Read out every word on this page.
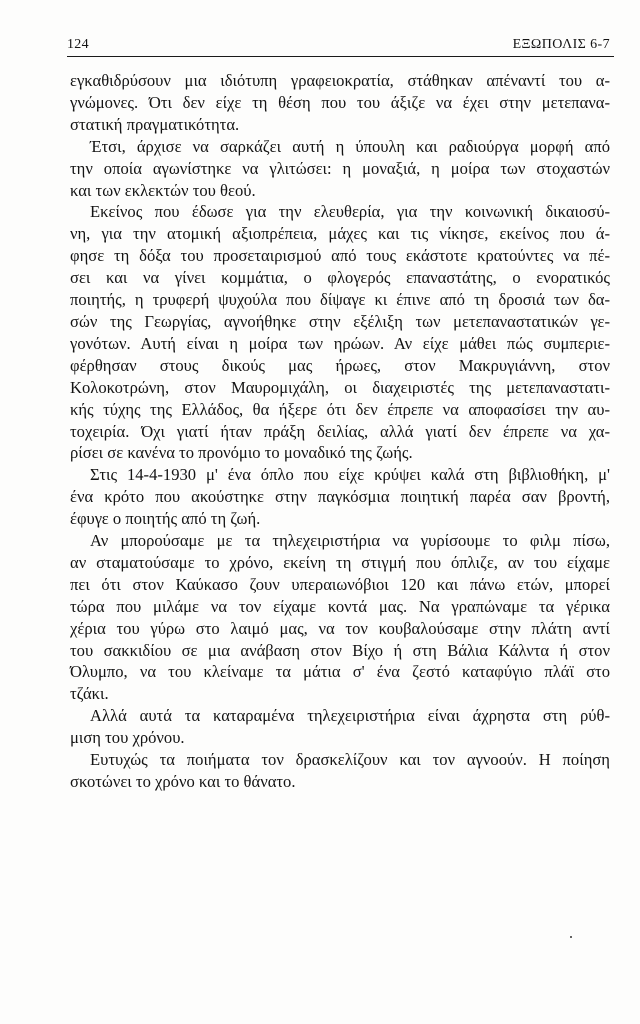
124	ΕΞΩΠΟΛΙΣ 6-7

εγκαθιδρύσουν μια ιδιότυπη γραφειοκρατία, στάθηκαν απέναντί του α-
γνώμονες. Ότι δεν είχε τη θέση που του άξιζε να έχει στην μετεπανα-
στατική πραγματικότητα.

Έτσι, άρχισε να σαρκάζει αυτή η ύπουλη και ραδιούργα μορφή από
την οποία αγωνίστηκε να γλιτώσει: η μοναξιά, η μοίρα των στοχαστών
και των εκλεκτών του θεού.

Εκείνος που έδωσε για την ελευθερία, για την κοινωνική δικαιοσύ-
νη, για την ατομική αξιοπρέπεια, μάχες και τις νίκησε, εκείνος που ά-
φησε τη δόξα του προσεταιρισμού από τους εκάστοτε κρατούντες να πέ-
σει και να γίνει κομμάτια, ο φλογερός επαναστάτης, ο ενορατικός
ποιητής, η τρυφερή ψυχούλα που δίψαγε κι έπινε από τη δροσιά των δα-
σών της Γεωργίας, αγνοήθηκε στην εξέλιξη των μετεπαναστατικών γε-
γονότων. Αυτή είναι η μοίρα των ηρώων. Αν είχε μάθει πώς συμπεριε-
φέρθησαν στους δικούς μας ήρωες, στον Μακρυγιάννη, στον
Κολοκοτρώνη, στον Μαυρομιχάλη, οι διαχειριστές της μετεπαναστατι-
κής τύχης της Ελλάδος, θα ήξερε ότι δεν έπρεπε να αποφασίσει την αυ-
τοχειρία. Όχι γιατί ήταν πράξη δειλίας, αλλά γιατί δεν έπρεπε να χα-
ρίσει σε κανένα το προνόμιο το μοναδικό της ζωής.

Στις 14-4-1930 μ' ένα όπλο που είχε κρύψει καλά στη βιβλιοθήκη, μ'
ένα κρότο που ακούστηκε στην παγκόσμια ποιητική παρέα σαν βροντή,
έφυγε ο ποιητής από τη ζωή.

Αν μπορούσαμε με τα τηλεχειριστήρια να γυρίσουμε το φιλμ πίσω,
αν σταματούσαμε το χρόνο, εκείνη τη στιγμή που όπλιζε, αν του είχαμε
πει ότι στον Καύκασο ζουν υπεραιωνόβιοι 120 και πάνω ετών, μπορεί
τώρα που μιλάμε να τον είχαμε κοντά μας. Να γραπώναμε τα γέρικα
χέρια του γύρω στο λαιμό μας, να τον κουβαλούσαμε στην πλάτη αντί
του σακκιδίου σε μια ανάβαση στον Βίχο ή στη Βάλια Κάλντα ή στον
Όλυμπο, να του κλείναμε τα μάτια σ' ένα ζεστό καταφύγιο πλάϊ στο
τζάκι.

Αλλά αυτά τα καταραμένα τηλεχειριστήρια είναι άχρηστα στη ρύθ-
μιση του χρόνου.

Ευτυχώς τα ποιήματα τον δρασκελίζουν και τον αγνοούν. Η ποίηση
σκοτώνει το χρόνο και το θάνατο.
